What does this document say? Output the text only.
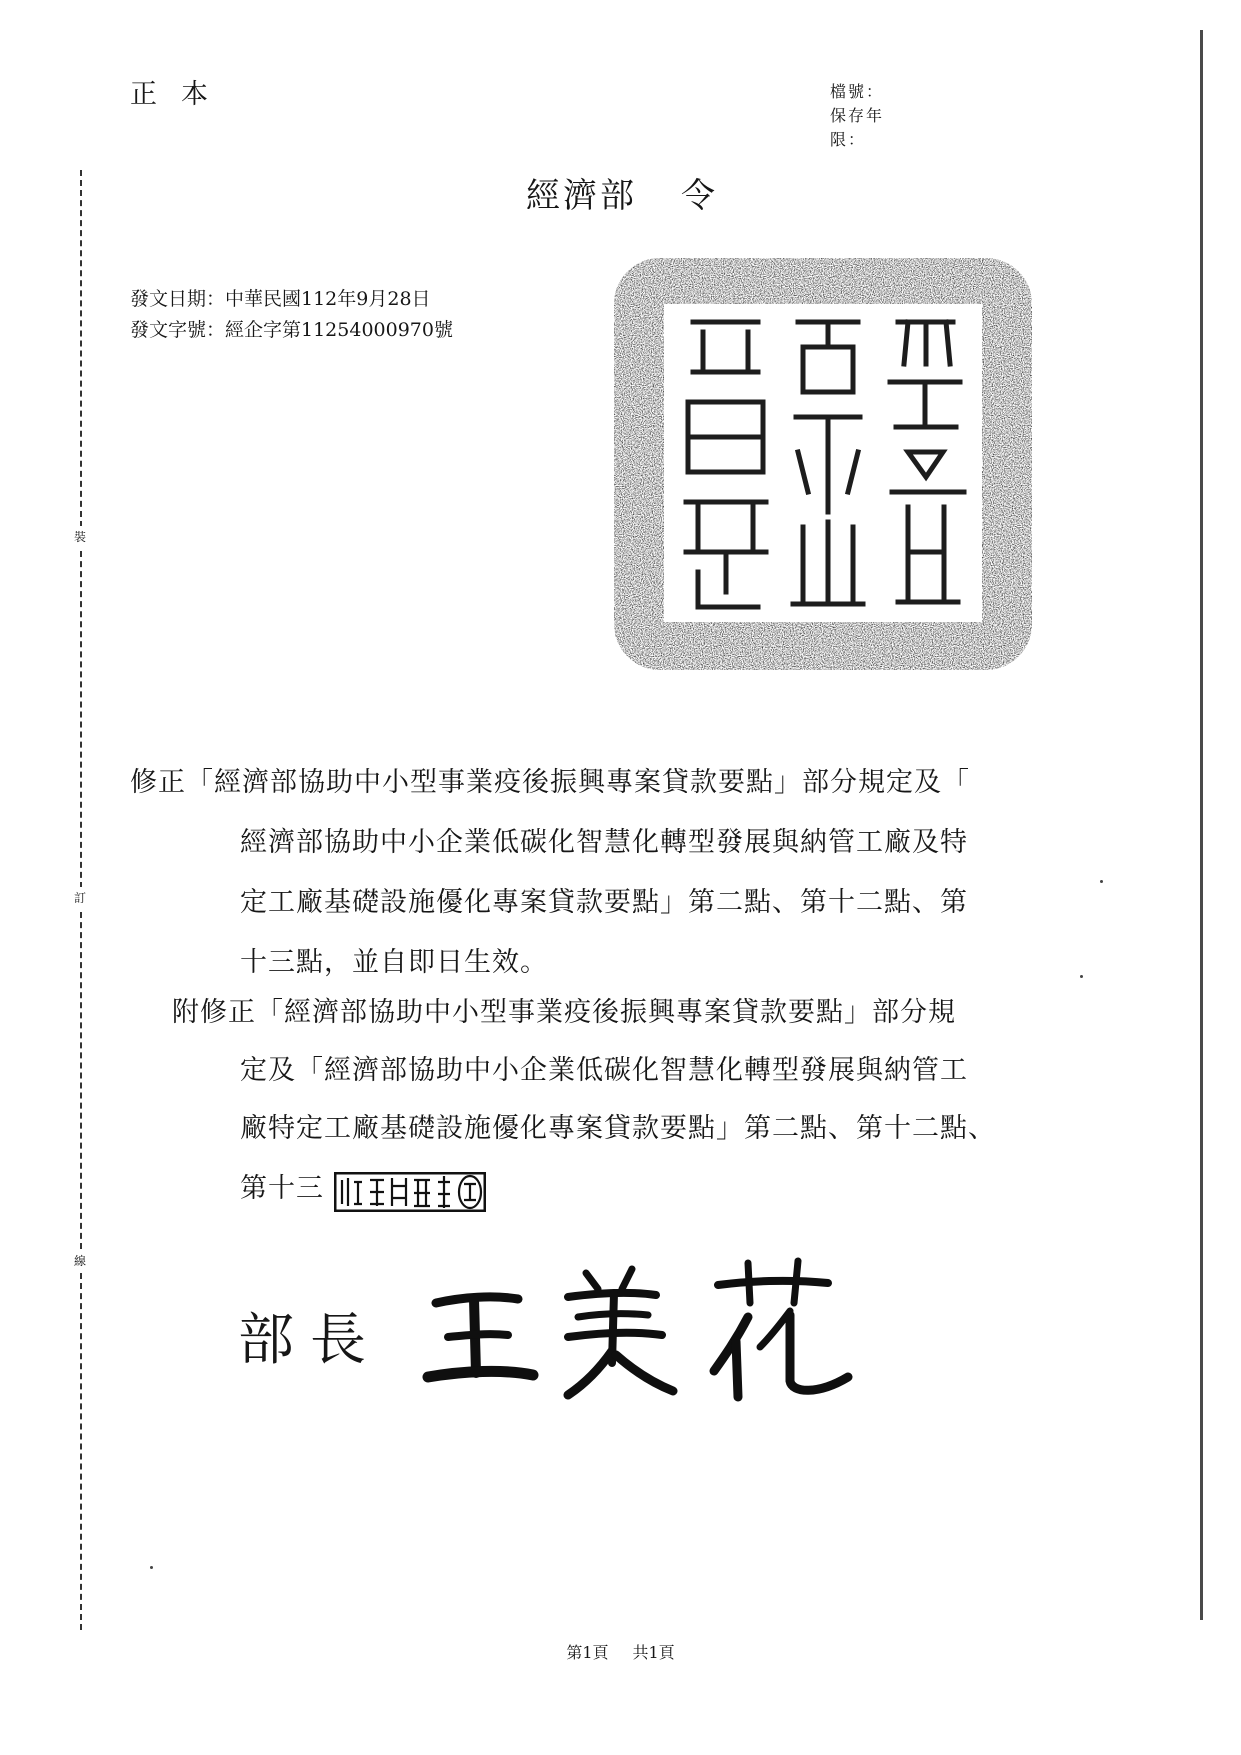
正本	檔號：
保存年限：
經濟部 令
發文日期：中華民國112年9月28日
發文字號：經企字第11254000970號
裝
訂
線
修正「經濟部協助中小型事業疫後振興專案貸款要點」部分規定及「
經濟部協助中小企業低碳化智慧化轉型發展與納管工廠及特
定工廠基礎設施優化專案貸款要點」第二點、第十二點、第
十三點，並自即日生效。
附修正「經濟部協助中小型事業疫後振興專案貸款要點」部分規
定及「經濟部協助中小企業低碳化智慧化轉型發展與納管工
廠特定工廠基礎設施優化專案貸款要點」第二點、第十二點、
第十三
部長
第1頁 共1頁
